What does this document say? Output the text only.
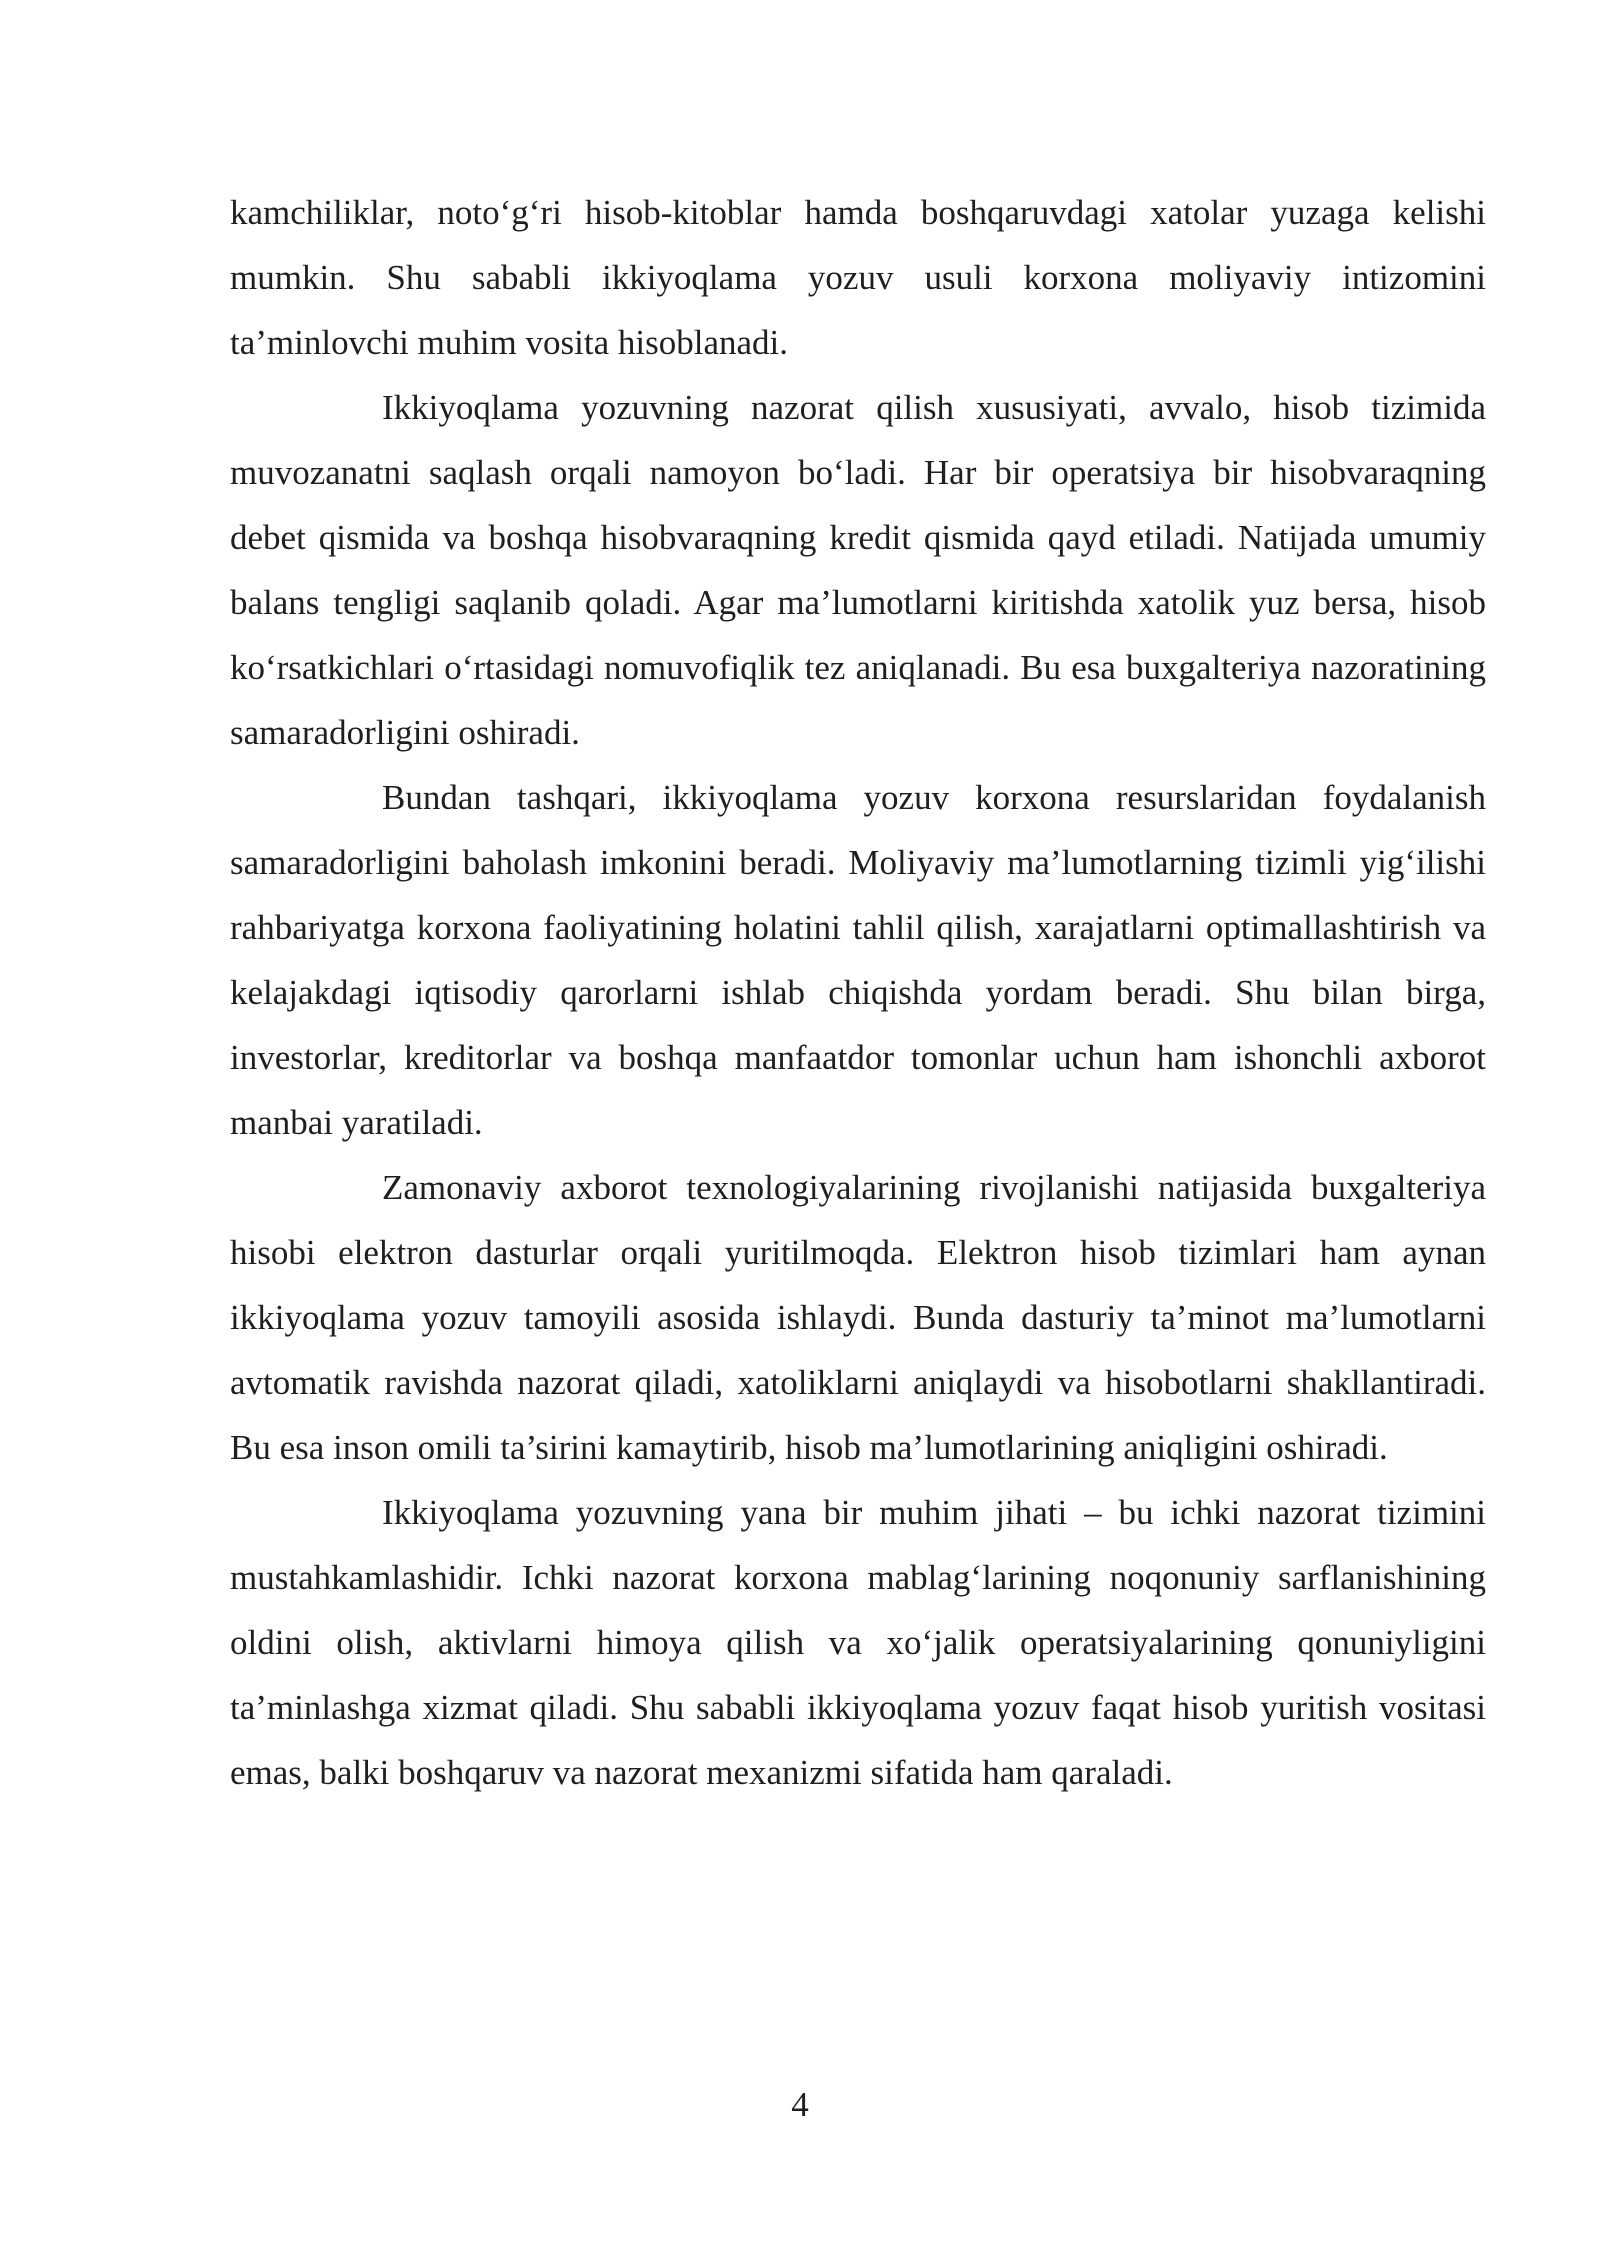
kamchiliklar, noto‘g‘ri hisob-kitoblar hamda boshqaruvdagi xatolar yuzaga kelishi mumkin. Shu sababli ikkiyoqlama yozuv usuli korxona moliyaviy intizomini ta’minlovchi muhim vosita hisoblanadi.

Ikkiyoqlama yozuvning nazorat qilish xususiyati, avvalo, hisob tizimida muvozanatni saqlash orqali namoyon bo‘ladi. Har bir operatsiya bir hisobvaraqning debet qismida va boshqa hisobvaraqning kredit qismida qayd etiladi. Natijada umumiy balans tengligi saqlanib qoladi. Agar ma’lumotlarni kiritishda xatolik yuz bersa, hisob ko‘rsatkichlari o‘rtasidagi nomuvofiqlik tez aniqlanadi. Bu esa buxgalteriya nazoratining samaradorligini oshiradi.

Bundan tashqari, ikkiyoqlama yozuv korxona resurslaridan foydalanish samaradorligini baholash imkonini beradi. Moliyaviy ma’lumotlarning tizimli yig‘ilishi rahbariyatga korxona faoliyatining holatini tahlil qilish, xarajatlarni optimallashtirish va kelajakdagi iqtisodiy qarorlarni ishlab chiqishda yordam beradi. Shu bilan birga, investorlar, kreditorlar va boshqa manfaatdor tomonlar uchun ham ishonchli axborot manbai yaratiladi.

Zamonaviy axborot texnologiyalarining rivojlanishi natijasida buxgalteriya hisobi elektron dasturlar orqali yuritilmoqda. Elektron hisob tizimlari ham aynan ikkiyoqlama yozuv tamoyili asosida ishlaydi. Bunda dasturiy ta’minot ma’lumotlarni avtomatik ravishda nazorat qiladi, xatoliklarni aniqlaydi va hisobotlarni shakllantiradi. Bu esa inson omili ta’sirini kamaytirib, hisob ma’lumotlarining aniqligini oshiradi.

Ikkiyoqlama yozuvning yana bir muhim jihati – bu ichki nazorat tizimini mustahkamlashidir. Ichki nazorat korxona mablag‘larining noqonuniy sarflanishining oldini olish, aktivlarni himoya qilish va xo‘jalik operatsiyalarining qonuniyligini ta’minlashga xizmat qiladi. Shu sababli ikkiyoqlama yozuv faqat hisob yuritish vositasi emas, balki boshqaruv va nazorat mexanizmi sifatida ham qaraladi.

4
